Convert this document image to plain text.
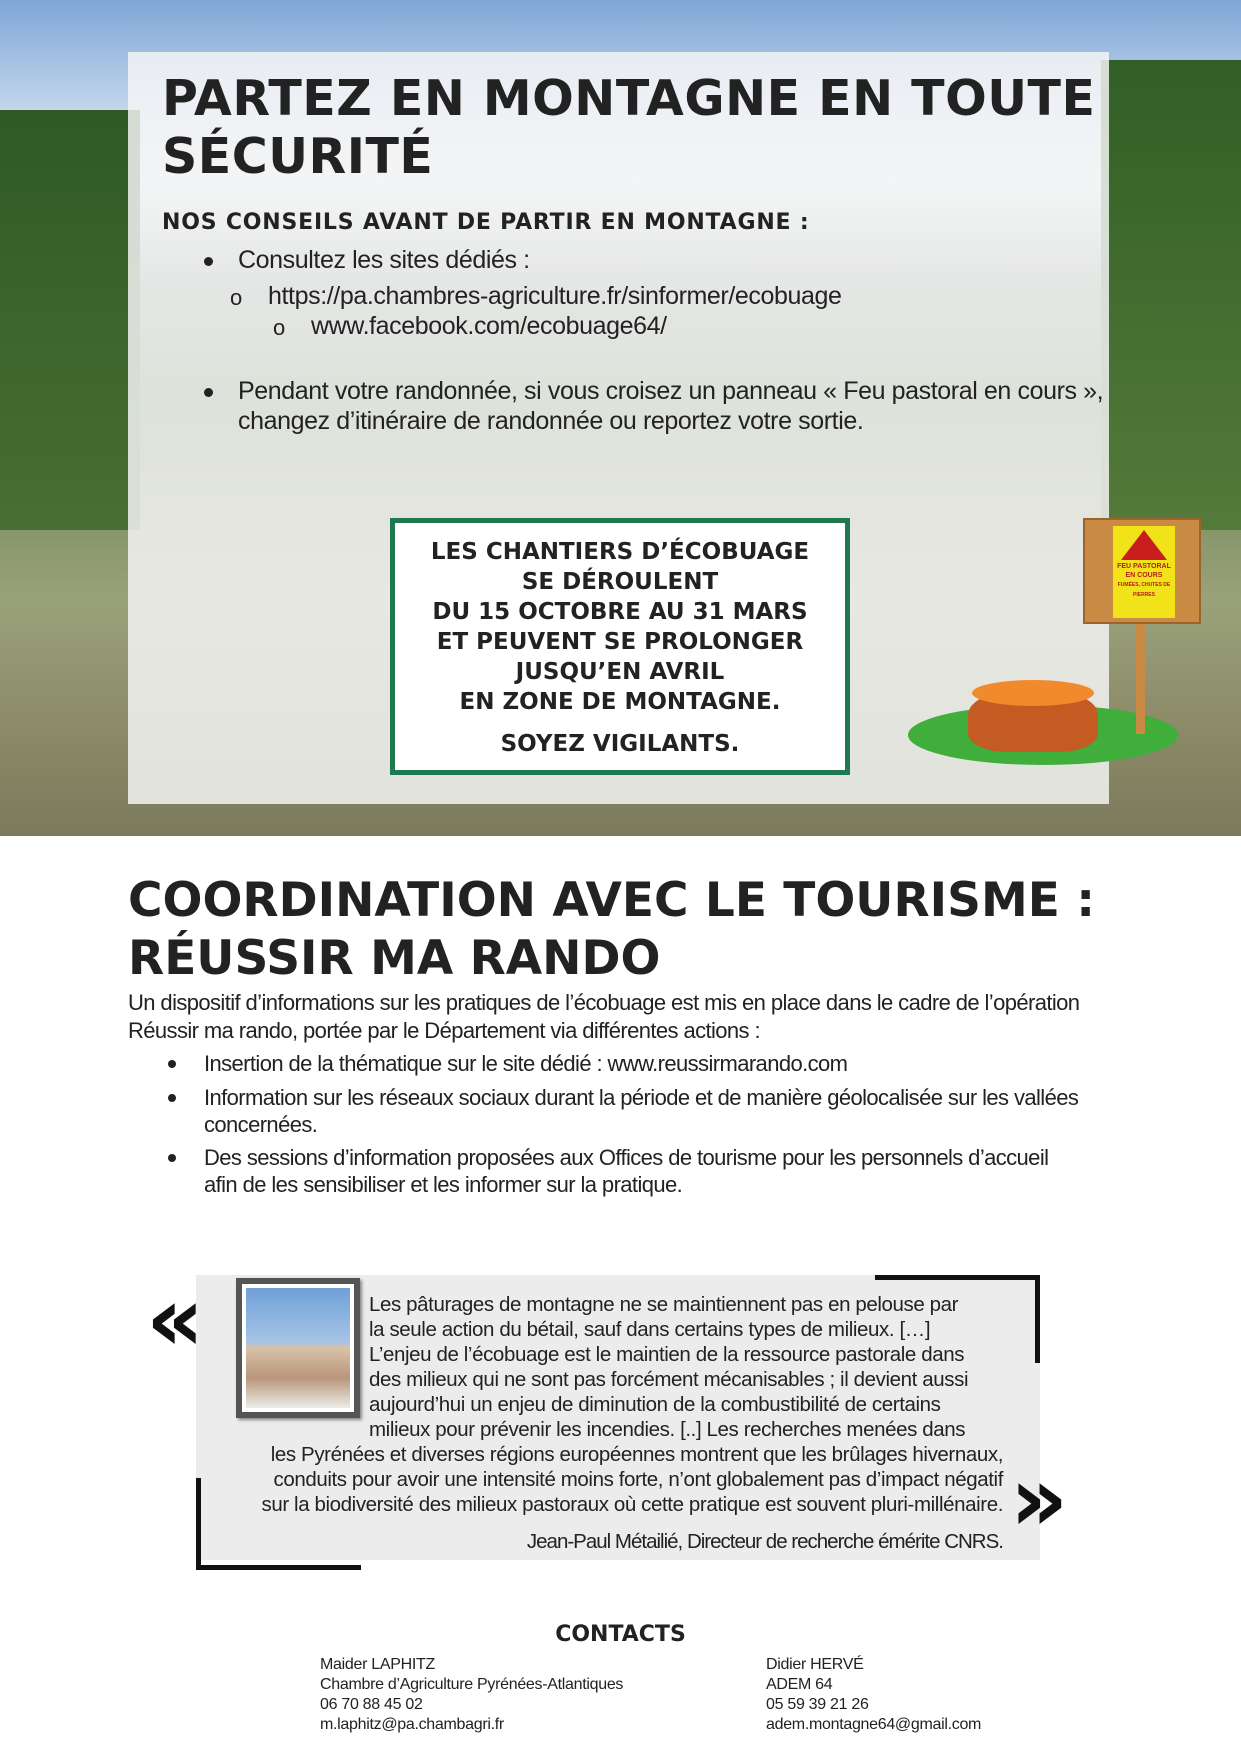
PARTEZ EN MONTAGNE EN TOUTE
SÉCURITÉ
NOS CONSEILS AVANT DE PARTIR EN MONTAGNE :
Consultez les sites dédiés :
o https://pa.chambres-agriculture.fr/sinformer/ecobuage
o www.facebook.com/ecobuage64/
Pendant votre randonnée, si vous croisez un panneau « Feu pastoral en cours »,
changez d’itinéraire de randonnée ou reportez votre sortie.
LES CHANTIERS D’ÉCOBUAGE
SE DÉROULENT
DU 15 OCTOBRE AU 31 MARS
ET PEUVENT SE PROLONGER
JUSQU’EN AVRIL
EN ZONE DE MONTAGNE.
SOYEZ VIGILANTS.
FEU PASTORAL EN COURS
FUMÉES, CHUTES DE PIERRES
COORDINATION AVEC LE TOURISME :
RÉUSSIR MA RANDO
Un dispositif d’informations sur les pratiques de l’écobuage est mis en place dans le cadre de l’opération
Réussir ma rando, portée par le Département via différentes actions :
Insertion de la thématique sur le site dédié : www.reussirmarando.com
Information sur les réseaux sociaux durant la période et de manière géolocalisée sur les vallées
concernées.
Des sessions d’information proposées aux Offices de tourisme pour les personnels d’accueil
afin de les sensibiliser et les informer sur la pratique.
«
»
Les pâturages de montagne ne se maintiennent pas en pelouse par
la seule action du bétail, sauf dans certains types de milieux. […]
L’enjeu de l’écobuage est le maintien de la ressource pastorale dans
des milieux qui ne sont pas forcément mécanisables ; il devient aussi
aujourd’hui un enjeu de diminution de la combustibilité de certains
milieux pour prévenir les incendies. [..] Les recherches menées dans
les Pyrénées et diverses régions européennes montrent que les brûlages hivernaux,
conduits pour avoir une intensité moins forte, n’ont globalement pas d’impact négatif
sur la biodiversité des milieux pastoraux où cette pratique est souvent pluri-millénaire.
Jean-Paul Métailié, Directeur de recherche émérite CNRS.
CONTACTS
Maider LAPHITZ
Chambre d’Agriculture Pyrénées-Atlantiques
06 70 88 45 02
m.laphitz@pa.chambagri.fr
Didier HERVÉ
ADEM 64
05 59 39 21 26
adem.montagne64@gmail.com
